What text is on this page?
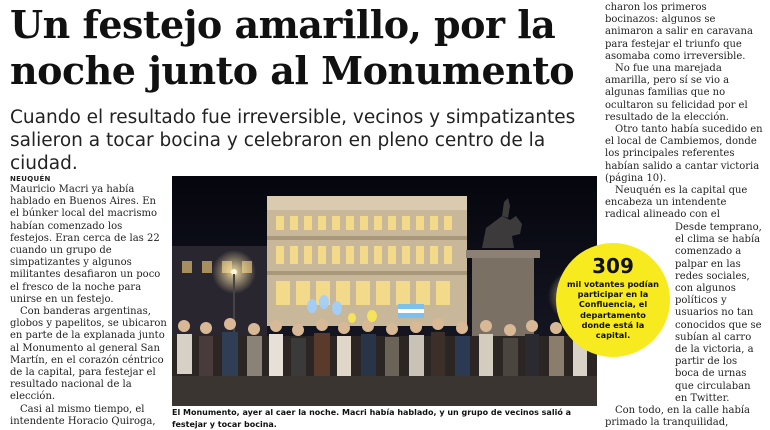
Un festejo amarillo, por la
noche junto al Monumento
Cuando el resultado fue irreversible, vecinos y simpatizantes
salieron a tocar bocina y celebraron en pleno centro de la ciudad.
NEUQUÉN

Mauricio Macri ya había hablado en Buenos Aires. En el búnker local del macrismo habían comenzado los festejos. Eran cerca de las 22 cuando un grupo de simpatizantes y algunos militantes desafiaron un poco el fresco de la noche para unirse en un festejo.

Con banderas argentinas, globos y papelitos, se ubicaron en parte de la explanada junto al Monumento al general San Martín, en el corazón céntrico de la capital, para festejar el resultado nacional de la elección.

Casi al mismo tiempo, el intendente Horacio Quiroga,

El Monumento, ayer al caer la noche. Macri había hablado, y un grupo de vecinos salió a festejar y tocar bocina.

charon los primeros bocinazos: algunos se animaron a salir en caravana para festejar el triunfo que asomaba como irreversible.

No fue una marejada amarilla, pero sí se vio a algunas familias que no ocultaron su felicidad por el resultado de la elección.

Otro tanto había sucedido en el local de Cambiemos, donde los principales referentes habían salido a cantar victoria (página 10).

Neuquén es la capital que encabeza un intendente radical alineado con el

Desde temprano, el clima se había comenzado a palpar en las redes sociales, con algunos políticos y usuarios no tan conocidos que se subían al carro de la victoria, a partir de los boca de urnas que circulaban en Twitter.

Con todo, en la calle había primado la tranquilidad,

309
mil votantes podían participar en la Confluencia, el departamento donde está la capital.
